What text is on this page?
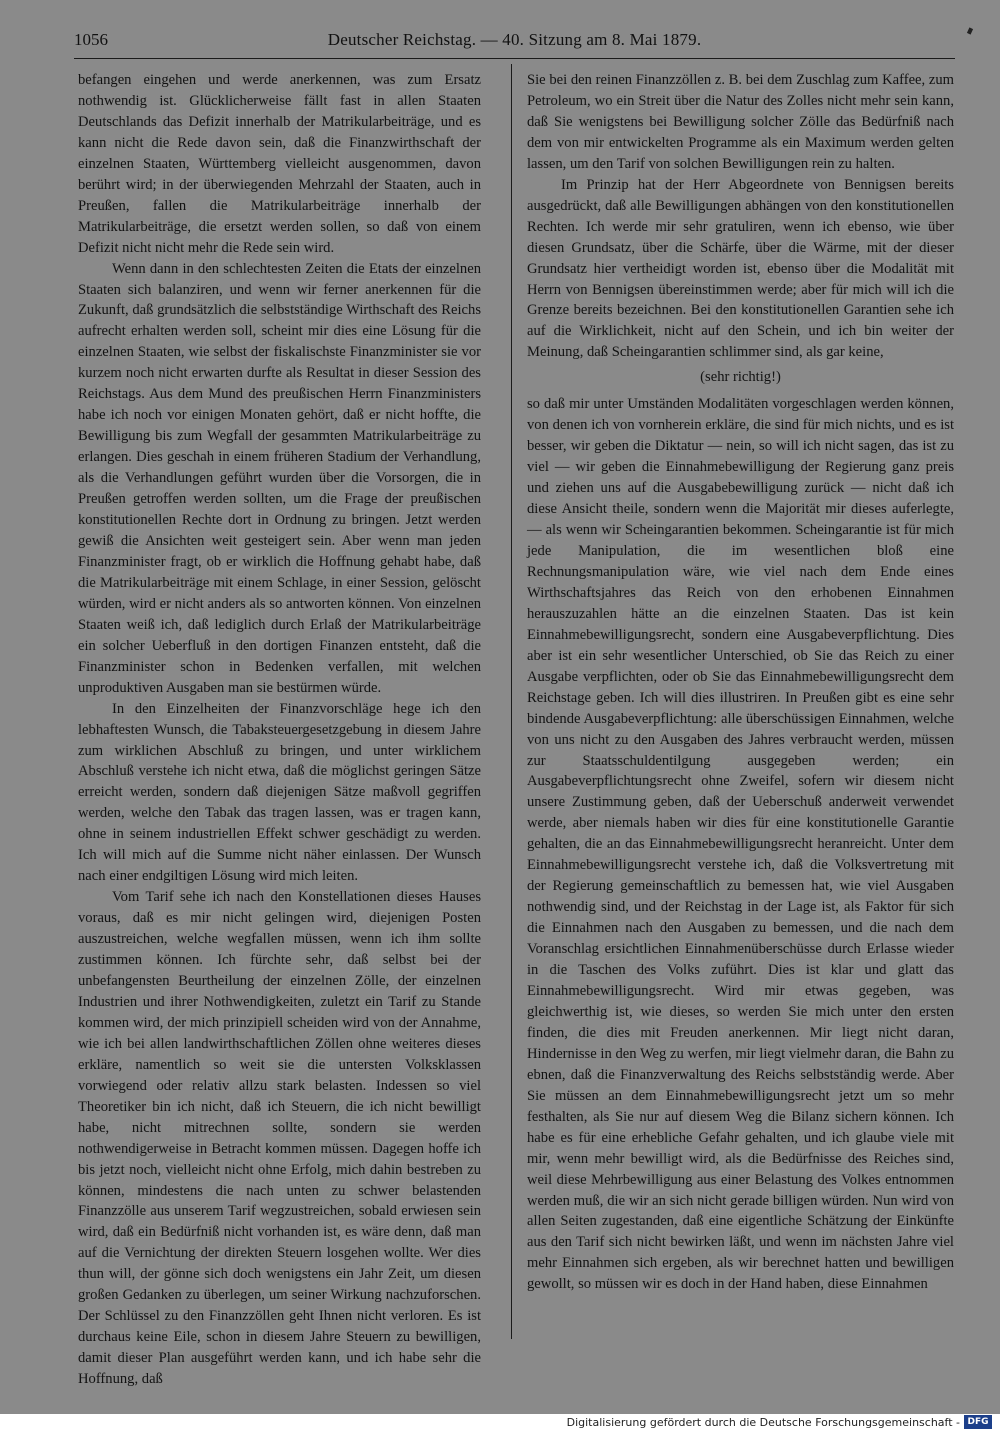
1056	Deutscher Reichstag. — 40. Sitzung am 8. Mai 1879.

befangen eingehen und werde anerkennen, was zum Ersatz nothwendig ist. Glücklicherweise fällt fast in allen Staaten Deutschlands das Defizit innerhalb der Matrikularbeiträge, und es kann nicht die Rede davon sein, daß die Finanzwirthschaft der einzelnen Staaten, Württemberg vielleicht ausgenommen, davon berührt wird; in der überwiegenden Mehrzahl der Staaten, auch in Preußen, fallen die Matrikularbeiträge innerhalb der Matrikularbeiträge, die ersetzt werden sollen, so daß von einem Defizit nicht nicht mehr die Rede sein wird.

Wenn dann in den schlechtesten Zeiten die Etats der einzelnen Staaten sich balanziren, und wenn wir ferner anerkennen für die Zukunft, daß grundsätzlich die selbstständige Wirthschaft des Reichs aufrecht erhalten werden soll, scheint mir dies eine Lösung für die einzelnen Staaten, wie selbst der fiskalischste Finanzminister sie vor kurzem noch nicht erwarten durfte als Resultat in dieser Session des Reichstags. Aus dem Mund des preußischen Herrn Finanzministers habe ich noch vor einigen Monaten gehört, daß er nicht hoffte, die Bewilligung bis zum Wegfall der gesammten Matrikularbeiträge zu erlangen. Dies geschah in einem früheren Stadium der Verhandlung, als die Verhandlungen geführt wurden über die Vorsorgen, die in Preußen getroffen werden sollten, um die Frage der preußischen konstitutionellen Rechte dort in Ordnung zu bringen. Jetzt werden gewiß die Ansichten weit gesteigert sein. Aber wenn man jeden Finanzminister fragt, ob er wirklich die Hoffnung gehabt habe, daß die Matrikularbeiträge mit einem Schlage, in einer Session, gelöscht würden, wird er nicht anders als so antworten können. Von einzelnen Staaten weiß ich, daß lediglich durch Erlaß der Matrikularbeiträge ein solcher Ueberfluß in den dortigen Finanzen entsteht, daß die Finanzminister schon in Bedenken verfallen, mit welchen unproduktiven Ausgaben man sie bestürmen würde.

In den Einzelheiten der Finanzvorschläge hege ich den lebhaftesten Wunsch, die Tabaksteuergesetzgebung in diesem Jahre zum wirklichen Abschluß zu bringen, und unter wirklichem Abschluß verstehe ich nicht etwa, daß die möglichst geringen Sätze erreicht werden, sondern daß diejenigen Sätze maßvoll gegriffen werden, welche den Tabak das tragen lassen, was er tragen kann, ohne in seinem industriellen Effekt schwer geschädigt zu werden. Ich will mich auf die Summe nicht näher einlassen. Der Wunsch nach einer endgiltigen Lösung wird mich leiten.

Vom Tarif sehe ich nach den Konstellationen dieses Hauses voraus, daß es mir nicht gelingen wird, diejenigen Posten auszustreichen, welche wegfallen müssen, wenn ich ihm sollte zustimmen können. Ich fürchte sehr, daß selbst bei der unbefangensten Beurtheilung der einzelnen Zölle, der einzelnen Industrien und ihrer Nothwendigkeiten, zuletzt ein Tarif zu Stande kommen wird, der mich prinzipiell scheiden wird von der Annahme, wie ich bei allen landwirthschaftlichen Zöllen ohne weiteres dieses erkläre, namentlich so weit sie die untersten Volksklassen vorwiegend oder relativ allzu stark belasten. Indessen so viel Theoretiker bin ich nicht, daß ich Steuern, die ich nicht bewilligt habe, nicht mitrechnen sollte, sondern sie werden nothwendigerweise in Betracht kommen müssen. Dagegen hoffe ich bis jetzt noch, vielleicht nicht ohne Erfolg, mich dahin bestreben zu können, mindestens die nach unten zu schwer belastenden Finanzzölle aus unserem Tarif wegzustreichen, sobald erwiesen sein wird, daß ein Bedürfniß nicht vorhanden ist, es wäre denn, daß man auf die Vernichtung der direkten Steuern losgehen wollte. Wer dies thun will, der gönne sich doch wenigstens ein Jahr Zeit, um diesen großen Gedanken zu überlegen, um seiner Wirkung nachzuforschen. Der Schlüssel zu den Finanzzöllen geht Ihnen nicht verloren. Es ist durchaus keine Eile, schon in diesem Jahre Steuern zu bewilligen, damit dieser Plan ausgeführt werden kann, und ich habe sehr die Hoffnung, daß

Sie bei den reinen Finanzzöllen z. B. bei dem Zuschlag zum Kaffee, zum Petroleum, wo ein Streit über die Natur des Zolles nicht mehr sein kann, daß Sie wenigstens bei Bewilligung solcher Zölle das Bedürfniß nach dem von mir entwickelten Programme als ein Maximum werden gelten lassen, um den Tarif von solchen Bewilligungen rein zu halten.

Im Prinzip hat der Herr Abgeordnete von Bennigsen bereits ausgedrückt, daß alle Bewilligungen abhängen von den konstitutionellen Rechten. Ich werde mir sehr gratuliren, wenn ich ebenso, wie über diesen Grundsatz, über die Schärfe, über die Wärme, mit der dieser Grundsatz hier vertheidigt worden ist, ebenso über die Modalität mit Herrn von Bennigsen übereinstimmen werde; aber für mich will ich die Grenze bereits bezeichnen. Bei den konstitutionellen Garantien sehe ich auf die Wirklichkeit, nicht auf den Schein, und ich bin weiter der Meinung, daß Scheingarantien schlimmer sind, als gar keine,

(sehr richtig!)

so daß mir unter Umständen Modalitäten vorgeschlagen werden können, von denen ich von vornherein erkläre, die sind für mich nichts, und es ist besser, wir geben die Diktatur — nein, so will ich nicht sagen, das ist zu viel — wir geben die Einnahmebewilligung der Regierung ganz preis und ziehen uns auf die Ausgabebewilligung zurück — nicht daß ich diese Ansicht theile, sondern wenn die Majorität mir dieses auferlegte, — als wenn wir Scheingarantien bekommen. Scheingarantie ist für mich jede Manipulation, die im wesentlichen bloß eine Rechnungsmanipulation wäre, wie viel nach dem Ende eines Wirthschaftsjahres das Reich von den erhobenen Einnahmen herauszuzahlen hätte an die einzelnen Staaten. Das ist kein Einnahmebewilligungsrecht, sondern eine Ausgabeverpflichtung. Dies aber ist ein sehr wesentlicher Unterschied, ob Sie das Reich zu einer Ausgabe verpflichten, oder ob Sie das Einnahmebewilligungsrecht dem Reichstage geben. Ich will dies illustriren. In Preußen gibt es eine sehr bindende Ausgabeverpflichtung: alle überschüssigen Einnahmen, welche von uns nicht zu den Ausgaben des Jahres verbraucht werden, müssen zur Staatsschuldentilgung ausgegeben werden; ein Ausgabeverpflichtungsrecht ohne Zweifel, sofern wir diesem nicht unsere Zustimmung geben, daß der Ueberschuß anderweit verwendet werde, aber niemals haben wir dies für eine konstitutionelle Garantie gehalten, die an das Einnahmebewilligungsrecht heranreicht. Unter dem Einnahmebewilligungsrecht verstehe ich, daß die Volksvertretung mit der Regierung gemeinschaftlich zu bemessen hat, wie viel Ausgaben nothwendig sind, und der Reichstag in der Lage ist, als Faktor für sich die Einnahmen nach den Ausgaben zu bemessen, und die nach dem Voranschlag ersichtlichen Einnahmenüberschüsse durch Erlasse wieder in die Taschen des Volks zuführt. Dies ist klar und glatt das Einnahmebewilligungsrecht. Wird mir etwas gegeben, was gleichwerthig ist, wie dieses, so werden Sie mich unter den ersten finden, die dies mit Freuden anerkennen. Mir liegt nicht daran, Hindernisse in den Weg zu werfen, mir liegt vielmehr daran, die Bahn zu ebnen, daß die Finanzverwaltung des Reichs selbstständig werde. Aber Sie müssen an dem Einnahmebewilligungsrecht jetzt um so mehr festhalten, als Sie nur auf diesem Weg die Bilanz sichern können. Ich habe es für eine erhebliche Gefahr gehalten, und ich glaube viele mit mir, wenn mehr bewilligt wird, als die Bedürfnisse des Reiches sind, weil diese Mehrbewilligung aus einer Belastung des Volkes entnommen werden muß, die wir an sich nicht gerade billigen würden. Nun wird von allen Seiten zugestanden, daß eine eigentliche Schätzung der Einkünfte aus den Tarif sich nicht bewirken läßt, und wenn im nächsten Jahre viel mehr Einnahmen sich ergeben, als wir berechnet hatten und bewilligen gewollt, so müssen wir es doch in der Hand haben, diese Einnahmen

Digitalisierung gefördert durch die Deutsche Forschungsgemeinschaft - DFG
